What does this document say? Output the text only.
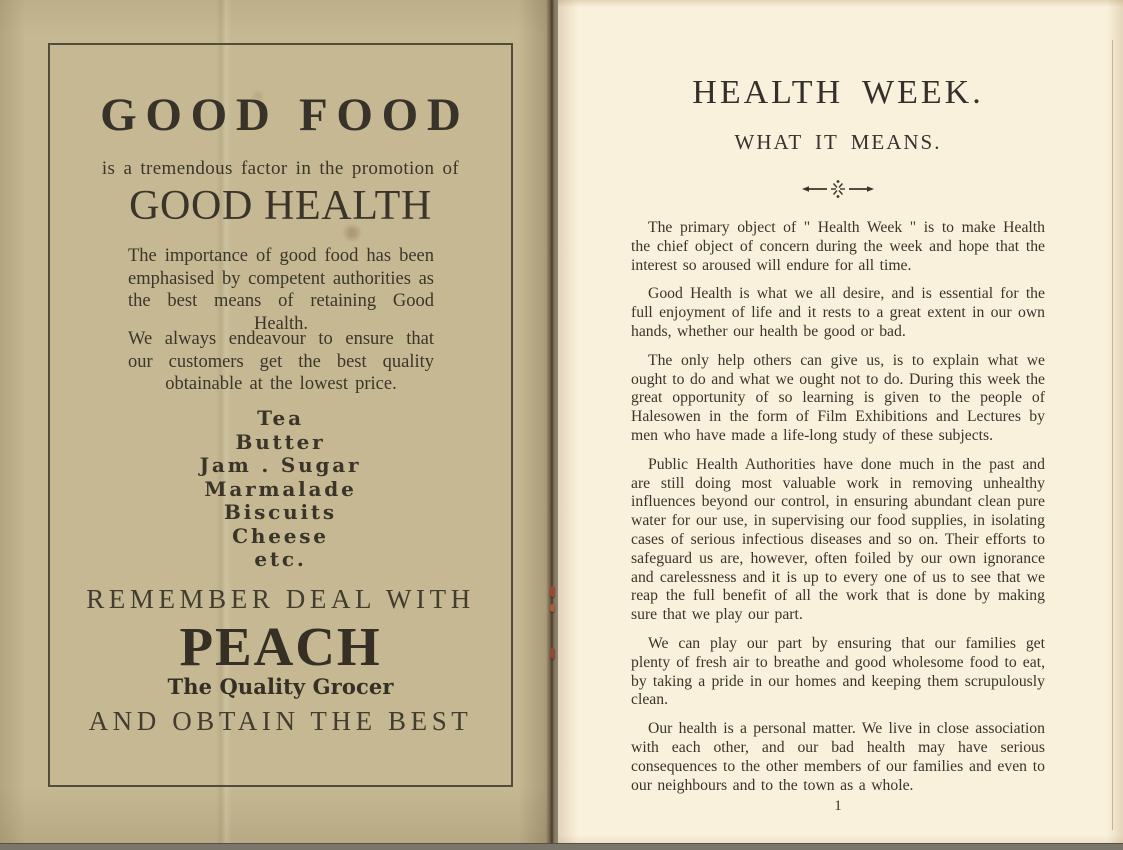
GOOD FOOD

is a tremendous factor in the promotion of

GOOD HEALTH

The importance of good food has been emphasised by competent authorities as the best means of retaining Good Health.

We always endeavour to ensure that our customers get the best quality obtainable at the lowest price.

Tea
Butter
Jam . Sugar
Marmalade
Biscuits
Cheese
etc.

REMEMBER DEAL WITH

PEACH
The Quality Grocer

AND OBTAIN THE BEST

HEALTH WEEK.
WHAT IT MEANS.

The primary object of " Health Week " is to make Health the chief object of concern during the week and hope that the interest so aroused will endure for all time.

Good Health is what we all desire, and is essential for the full enjoyment of life and it rests to a great extent in our own hands, whether our health be good or bad.

The only help others can give us, is to explain what we ought to do and what we ought not to do. During this week the great opportunity of so learning is given to the people of Halesowen in the form of Film Exhibitions and Lectures by men who have made a life-long study of these subjects.

Public Health Authorities have done much in the past and are still doing most valuable work in removing unhealthy influences beyond our control, in ensuring abundant clean pure water for our use, in supervising our food supplies, in isolating cases of serious infectious diseases and so on. Their efforts to safeguard us are, however, often foiled by our own ignorance and carelessness and it is up to every one of us to see that we reap the full benefit of all the work that is done by making sure that we play our part.

We can play our part by ensuring that our families get plenty of fresh air to breathe and good wholesome food to eat, by taking a pride in our homes and keeping them scrupulously clean.

Our health is a personal matter. We live in close association with each other, and our bad health may have serious consequences to the other members of our families and even to our neighbours and to the town as a whole.

1
